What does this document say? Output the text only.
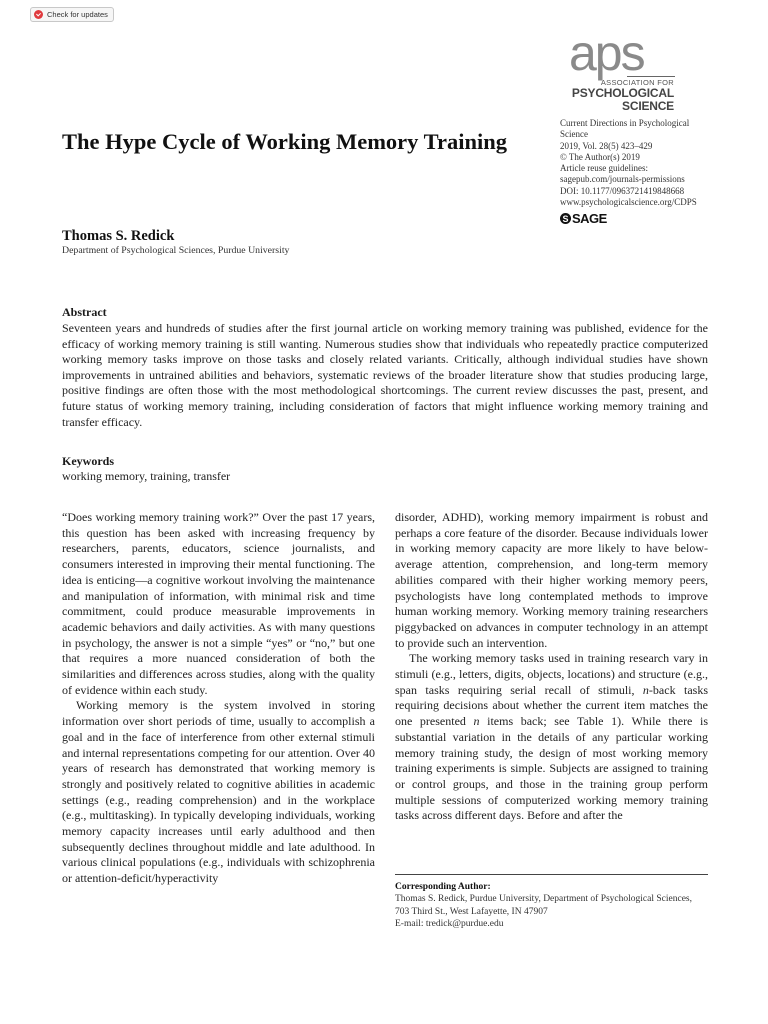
Check for updates
aps
ASSOCIATION FOR
PSYCHOLOGICAL SCIENCE
Current Directions in Psychological
Science
2019, Vol. 28(5) 423–429
© The Author(s) 2019
Article reuse guidelines:
sagepub.com/journals-permissions
DOI: 10.1177/0963721419848668
www.psychologicalscience.org/CDPS
S SAGE
The Hype Cycle of Working Memory Training
Thomas S. Redick
Department of Psychological Sciences, Purdue University
Abstract

Seventeen years and hundreds of studies after the first journal article on working memory training was published, evidence for the efficacy of working memory training is still wanting. Numerous studies show that individuals who repeatedly practice computerized working memory tasks improve on those tasks and closely related variants. Critically, although individual studies have shown improvements in untrained abilities and behaviors, systematic reviews of the broader literature show that studies producing large, positive findings are often those with the most methodological shortcomings. The current review discusses the past, present, and future status of working memory training, including consideration of factors that might influence working memory training and transfer efficacy.

Keywords
working memory, training, transfer

“Does working memory training work?” Over the past 17 years, this question has been asked with increasing frequency by researchers, parents, educators, science journalists, and consumers interested in improving their mental functioning. The idea is enticing—a cognitive workout involving the maintenance and manipulation of information, with minimal risk and time commitment, could produce measurable improvements in academic behaviors and daily activities. As with many questions in psychology, the answer is not a simple “yes” or “no,” but one that requires a more nuanced consideration of both the similarities and differences across studies, along with the quality of evidence within each study.

Working memory is the system involved in storing information over short periods of time, usually to accomplish a goal and in the face of interference from other external stimuli and internal representations competing for our attention. Over 40 years of research has demonstrated that working memory is strongly and positively related to cognitive abilities in academic settings (e.g., reading comprehension) and in the workplace (e.g., multitasking). In typically developing individuals, working memory capacity increases until early adulthood and then subsequently declines throughout middle and late adulthood. In various clinical populations (e.g., individuals with schizophrenia or attention-deficit/hyperactivity

disorder, ADHD), working memory impairment is robust and perhaps a core feature of the disorder. Because individuals lower in working memory capacity are more likely to have below-average attention, comprehension, and long-term memory abilities compared with their higher working memory peers, psychologists have long contemplated methods to improve human working memory. Working memory training researchers piggybacked on advances in computer technology in an attempt to provide such an intervention.

The working memory tasks used in training research vary in stimuli (e.g., letters, digits, objects, locations) and structure (e.g., span tasks requiring serial recall of stimuli, n-back tasks requiring decisions about whether the current item matches the one presented n items back; see Table 1). While there is substantial variation in the details of any particular working memory training study, the design of most working memory training experiments is simple. Subjects are assigned to training or control groups, and those in the training group perform multiple sessions of computerized working memory training tasks across different days. Before and after the

Corresponding Author:
Thomas S. Redick, Purdue University, Department of Psychological Sciences, 703 Third St., West Lafayette, IN 47907
E-mail: tredick@purdue.edu
